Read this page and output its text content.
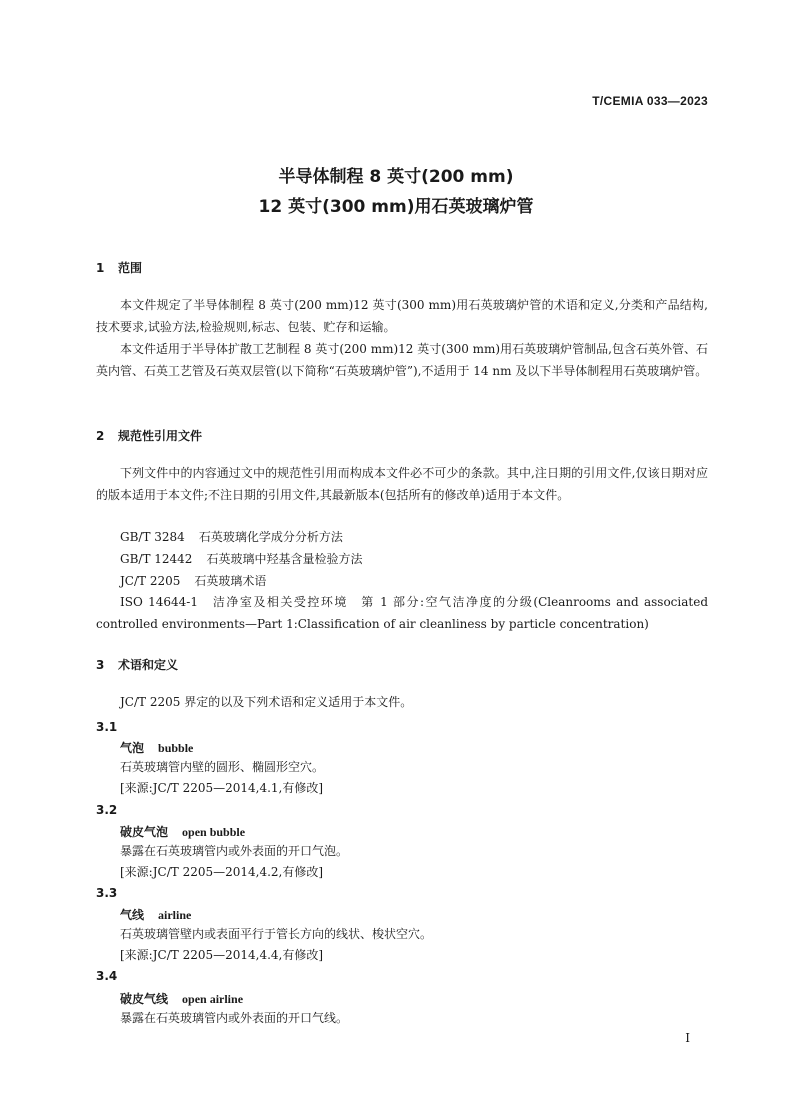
T/CEMIA 033—2023
半导体制程 8 英寸(200 mm)
12 英寸(300 mm)用石英玻璃炉管
1 范围

本文件规定了半导体制程 8 英寸(200 mm)12 英寸(300 mm)用石英玻璃炉管的术语和定义,分类和产品结构,技术要求,试验方法,检验规则,标志、包装、贮存和运输。

本文件适用于半导体扩散工艺制程 8 英寸(200 mm)12 英寸(300 mm)用石英玻璃炉管制品,包含石英外管、石英内管、石英工艺管及石英双层管(以下简称“石英玻璃炉管”),不适用于 14 nm 及以下半导体制程用石英玻璃炉管。

2 规范性引用文件

下列文件中的内容通过文中的规范性引用而构成本文件必不可少的条款。其中,注日期的引用文件,仅该日期对应的版本适用于本文件;不注日期的引用文件,其最新版本(包括所有的修改单)适用于本文件。

GB/T 3284 石英玻璃化学成分分析方法
GB/T 12442 石英玻璃中羟基含量检验方法
JC/T 2205 石英玻璃术语

ISO 14644-1　洁净室及相关受控环境　第 1 部分:空气洁净度的分级(Cleanrooms and associated controlled environments—Part 1:Classification of air cleanliness by particle concentration)

3 术语和定义

JC/T 2205 界定的以及下列术语和定义适用于本文件。

3.1
气泡 bubble
石英玻璃管内壁的圆形、椭圆形空穴。
[来源:JC/T 2205—2014,4.1,有修改]
3.2
破皮气泡 open bubble
暴露在石英玻璃管内或外表面的开口气泡。
[来源:JC/T 2205—2014,4.2,有修改]
3.3
气线 airline
石英玻璃管壁内或表面平行于管长方向的线状、梭状空穴。
[来源:JC/T 2205—2014,4.4,有修改]
3.4
破皮气线 open airline
暴露在石英玻璃管内或外表面的开口气线。
I
